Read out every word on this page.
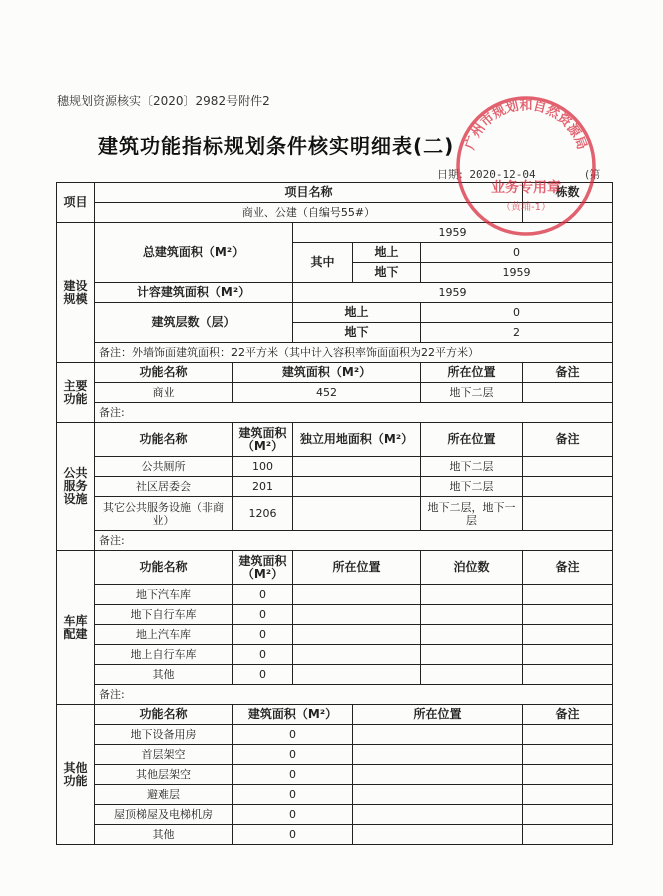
穗规划资源核实〔2020〕2982号附件2
建筑功能指标规划条件核实明细表(二)
日期: 2020-12-04	(第
项目	项目名称					栋数
	商业、公建（自编号55#）					
建设规模	总建筑面积（M²）		1959			
			其中	地上	0	
				地下	1959	
	计容建筑面积（M²）		1959			
	建筑层数（层）		地上		0	
			地下		2	
	备注：外墙饰面建筑面积：22平方米（其中计入容积率饰面面积为22平方米）					
主要功能	功能名称	建筑面积（M²）			所在位置	备注
	商业	452			地下二层	
	备注:					
公共服务设施	功能名称	建筑面积（M²）	独立用地面积（M²）		所在位置	备注
	公共厕所	100			地下二层	
	社区居委会	201			地下二层	
	其它公共服务设施（非商业）	1206			地下二层，地下一层	
	备注:					
车库配建	功能名称	建筑面积（M²）	所在位置		泊位数	备注
	地下汽车库	0				
	地下自行车库	0				
	地上汽车库	0				
	地上自行车库	0				
	其他	0				
	备注:					
其他功能	功能名称	建筑面积（M²）		所在位置		备注
	地下设备用房	0				
	首层架空	0				
	其他层架空	0				
	避难层	0				
	屋顶梯屋及电梯机房	0				
	其他	0				
广州市规划和自然资源局
业务专用章
（黄埔-1）
